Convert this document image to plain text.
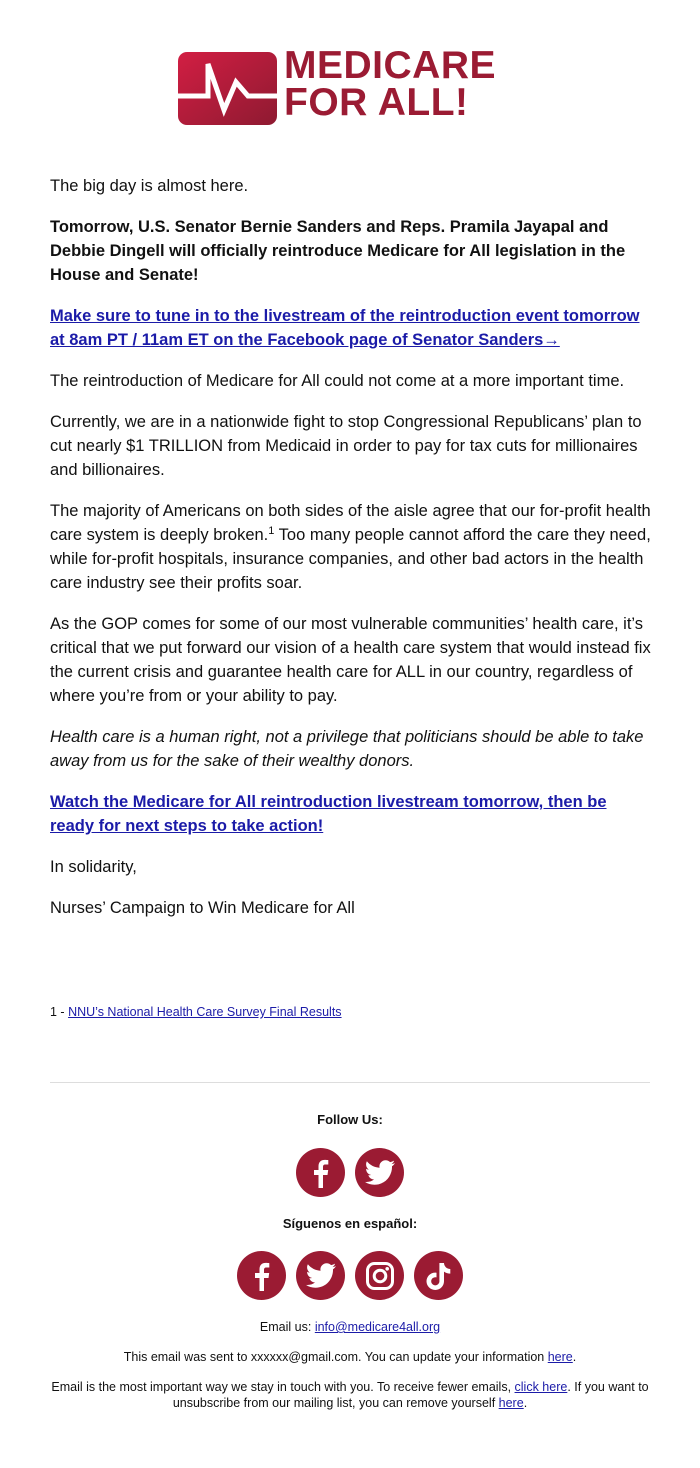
MEDICARE
FOR ALL!

The big day is almost here.

Tomorrow, U.S. Senator Bernie Sanders and Reps. Pramila Jayapal and Debbie Dingell will officially reintroduce Medicare for All legislation in the House and Senate!

Make sure to tune in to the livestream of the reintroduction event tomorrow at 8am PT / 11am ET on the Facebook page of Senator Sanders→

The reintroduction of Medicare for All could not come at a more important time.

Currently, we are in a nationwide fight to stop Congressional Republicans’ plan to cut nearly $1 TRILLION from Medicaid in order to pay for tax cuts for millionaires and billionaires.

The majority of Americans on both sides of the aisle agree that our for-profit health care system is deeply broken.$^1$ Too many people cannot afford the care they need, while for-profit hospitals, insurance companies, and other bad actors in the health care industry see their profits soar.

As the GOP comes for some of our most vulnerable communities’ health care, it’s critical that we put forward our vision of a health care system that would instead fix the current crisis and guarantee health care for ALL in our country, regardless of where you’re from or your ability to pay.

Health care is a human right, not a privilege that politicians should be able to take away from us for the sake of their wealthy donors.

Watch the Medicare for All reintroduction livestream tomorrow, then be ready for next steps to take action!

In solidarity,

Nurses’ Campaign to Win Medicare for All

1 - NNU’s National Health Care Survey Final Results
Follow Us:
Síguenos en español:
Email us: info@medicare4all.org
This email was sent to xxxxxx@gmail.com. You can update your information here.
Email is the most important way we stay in touch with you. To receive fewer emails, click here. If you want to unsubscribe from our mailing list, you can remove yourself here.
